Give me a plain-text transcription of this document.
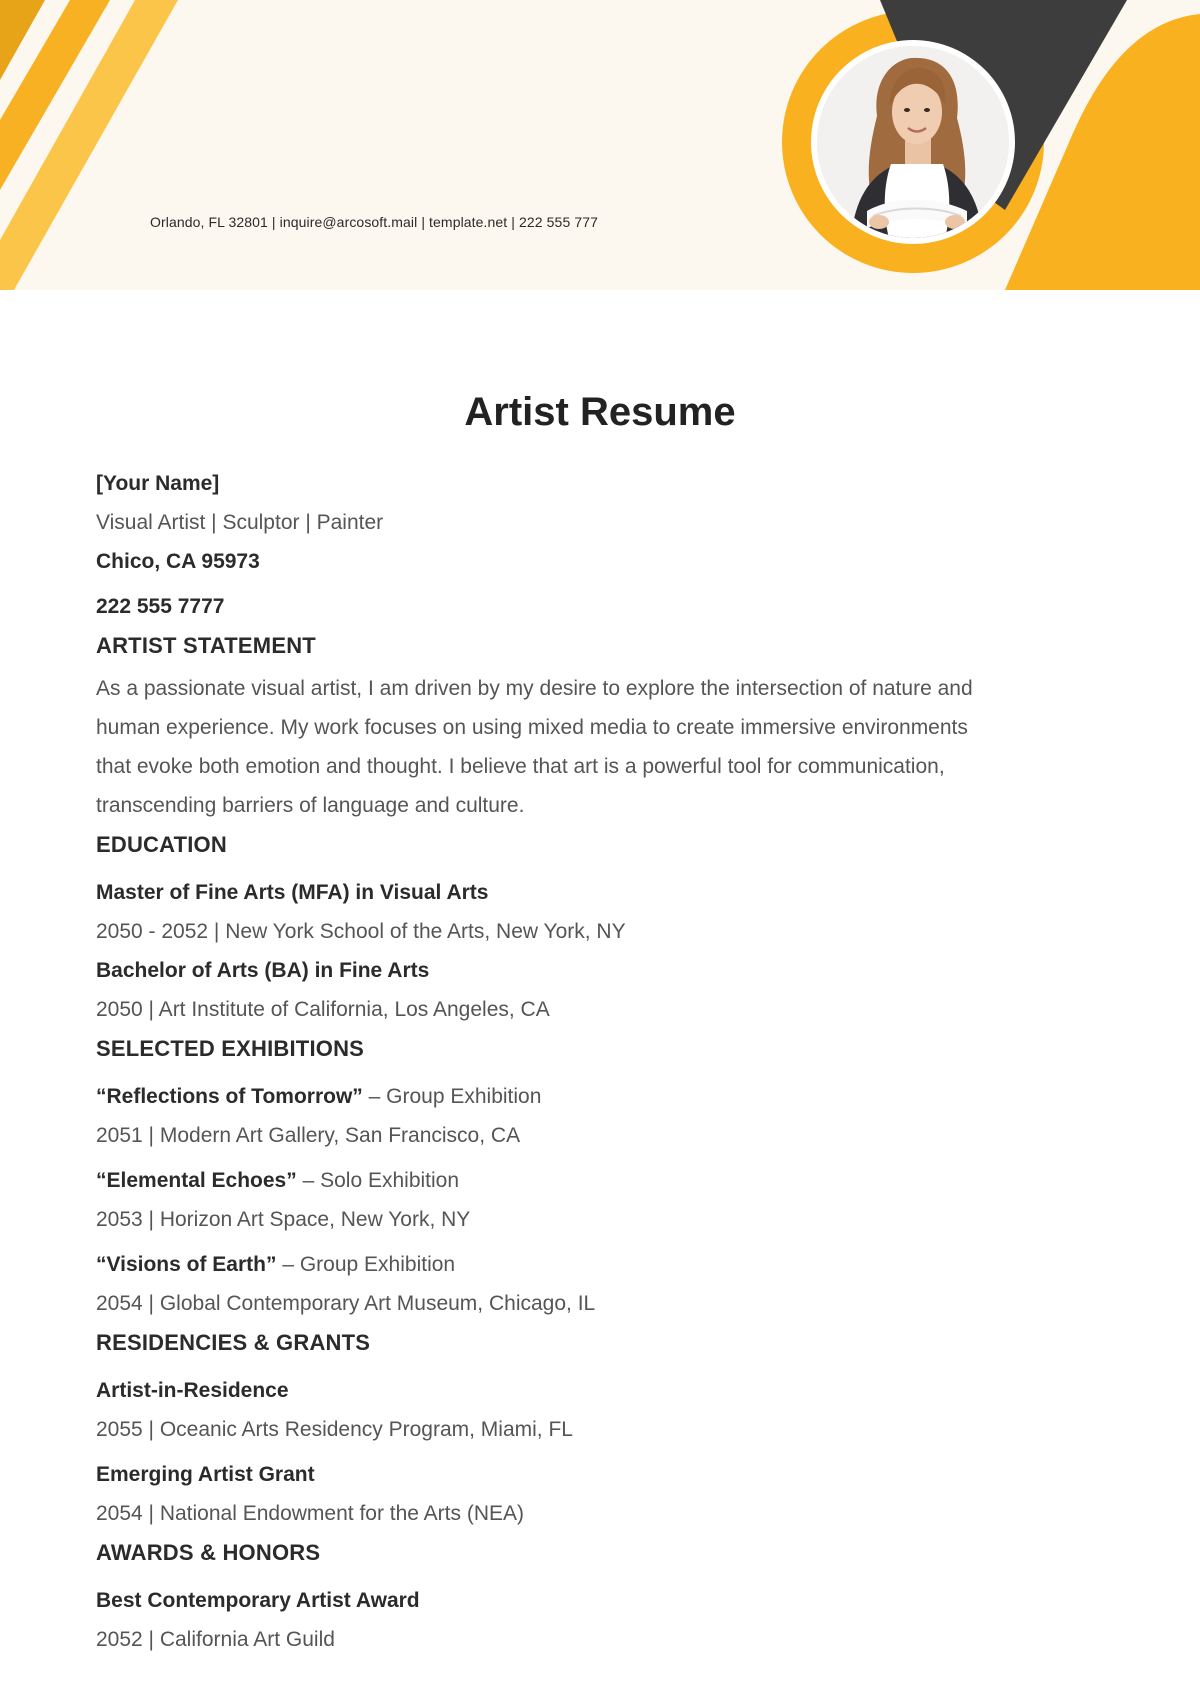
Orlando, FL 32801 | inquire@arcosoft.mail | template.net | 222 555 777
Artist Resume
[Your Name]
Visual Artist | Sculptor | Painter
Chico, CA 95973
222 555 7777
ARTIST STATEMENT
As a passionate visual artist, I am driven by my desire to explore the intersection of nature and
human experience. My work focuses on using mixed media to create immersive environments
that evoke both emotion and thought. I believe that art is a powerful tool for communication,
transcending barriers of language and culture.
EDUCATION
Master of Fine Arts (MFA) in Visual Arts
2050 - 2052 | New York School of the Arts, New York, NY
Bachelor of Arts (BA) in Fine Arts
2050 | Art Institute of California, Los Angeles, CA
SELECTED EXHIBITIONS
“Reflections of Tomorrow” – Group Exhibition
2051 | Modern Art Gallery, San Francisco, CA
“Elemental Echoes” – Solo Exhibition
2053 | Horizon Art Space, New York, NY
“Visions of Earth” – Group Exhibition
2054 | Global Contemporary Art Museum, Chicago, IL
RESIDENCIES & GRANTS
Artist-in-Residence
2055 | Oceanic Arts Residency Program, Miami, FL
Emerging Artist Grant
2054 | National Endowment for the Arts (NEA)
AWARDS & HONORS
Best Contemporary Artist Award
2052 | California Art Guild
